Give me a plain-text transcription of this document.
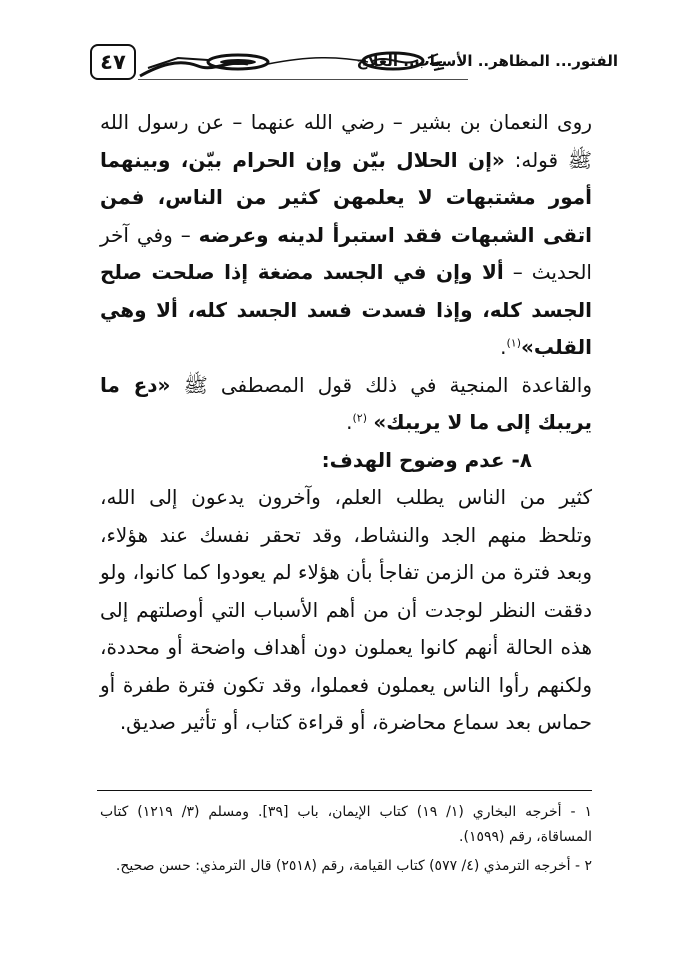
٤٧	الفتور... المظاهر.. الأسباب.. العلاج

روى النعمان بن بشير – رضي الله عنهما – عن رسول الله ﷺ قوله: «إن الحلال بيّن وإن الحرام بيّن، وبينهما أمور مشتبهات لا يعلمهن كثير من الناس، فمن اتقى الشبهات فقد استبرأ لدينه وعرضه – وفي آخر الحديث – ألا وإن في الجسد مضغة إذا صلحت صلح الجسد كله، وإذا فسدت فسد الجسد كله، ألا وهي القلب»$^{(١)}$.

والقاعدة المنجية في ذلك قول المصطفى ﷺ «دع ما يريبك إلى ما لا يريبك» $^{(٢)}$.

٨- عدم وضوح الهدف:

كثير من الناس يطلب العلم، وآخرون يدعون إلى الله، وتلحظ منهم الجد والنشاط، وقد تحقر نفسك عند هؤلاء، وبعد فترة من الزمن تفاجأ بأن هؤلاء لم يعودوا كما كانوا، ولو دققت النظر لوجدت أن من أهم الأسباب التي أوصلتهم إلى هذه الحالة أنهم كانوا يعملون دون أهداف واضحة أو محددة، ولكنهم رأوا الناس يعملون فعملوا، وقد تكون فترة طفرة أو حماس بعد سماع محاضرة، أو قراءة كتاب، أو تأثير صديق.

١ - أخرجه البخاري (١/ ١٩) كتاب الإيمان، باب [٣٩]. ومسلم (٣/ ١٢١٩) كتاب المساقاة، رقم (١٥٩٩).

٢ - أخرجه الترمذي (٤/ ٥٧٧) كتاب القيامة، رقم (٢٥١٨) قال الترمذي: حسن صحيح.
